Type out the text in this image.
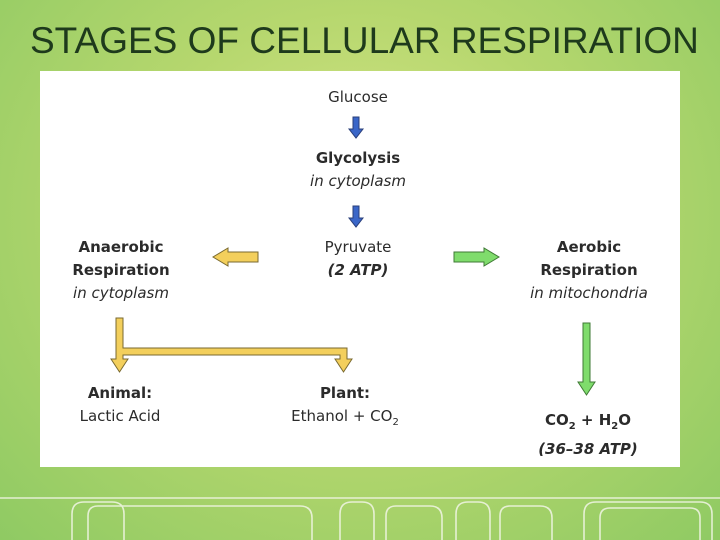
STAGES OF CELLULAR RESPIRATION
Glucose
Glycolysis
in cytoplasm
Pyruvate
(2 ATP)
Anaerobic
Respiration
in cytoplasm
Aerobic
Respiration
in mitochondria
Animal:
Lactic Acid
Plant:
Ethanol + $CO_2$	$CO_2 + H_2O$
(36–38 ATP)
